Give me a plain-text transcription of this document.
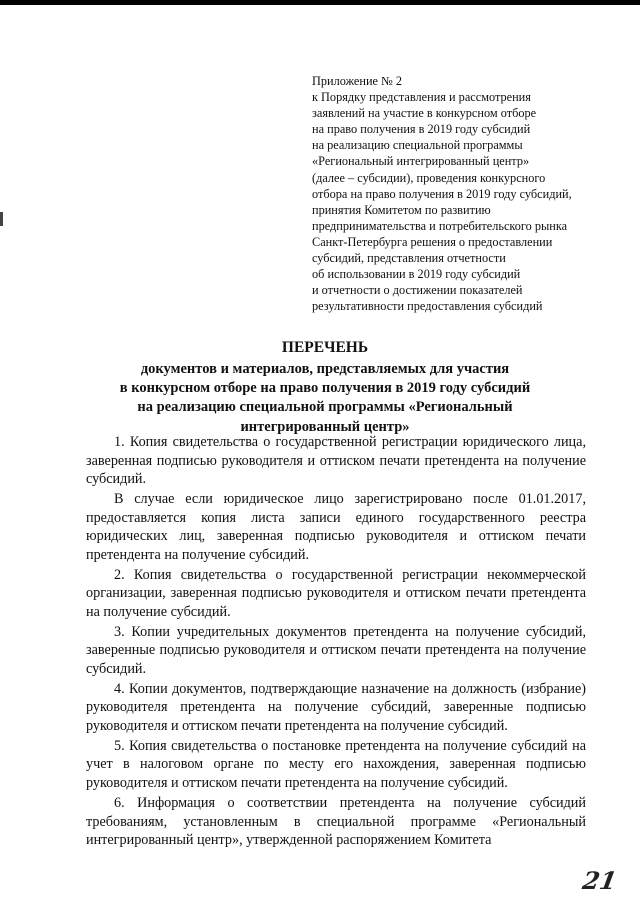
Приложение № 2
к Порядку представления и рассмотрения
заявлений на участие в конкурсном отборе
на право получения в 2019 году субсидий
на реализацию специальной программы
«Региональный интегрированный центр»
(далее – субсидии), проведения конкурсного
отбора на право получения в 2019 году субсидий,
принятия Комитетом по развитию
предпринимательства и потребительского рынка
Санкт-Петербурга решения о предоставлении
субсидий, представления отчетности
об использовании в 2019 году субсидий
и отчетности о достижении показателей
результативности предоставления субсидий
ПЕРЕЧЕНЬ
документов и материалов, представляемых для участия
в конкурсном отборе на право получения в 2019 году субсидий
на реализацию специальной программы «Региональный
интегрированный центр»

1. Копия свидетельства о государственной регистрации юридического лица, заверенная подписью руководителя и оттиском печати претендента на получение субсидий.

В случае если юридическое лицо зарегистрировано после 01.01.2017, предоставляется копия листа записи единого государственного реестра юридических лиц, заверенная подписью руководителя и оттиском печати претендента на получение субсидий.

2. Копия свидетельства о государственной регистрации некоммерческой организации, заверенная подписью руководителя и оттиском печати претендента на получение субсидий.

3. Копии учредительных документов претендента на получение субсидий, заверенные подписью руководителя и оттиском печати претендента на получение субсидий.

4. Копии документов, подтверждающие назначение на должность (избрание) руководителя претендента на получение субсидий, заверенные подписью руководителя и оттиском печати претендента на получение субсидий.

5. Копия свидетельства о постановке претендента на получение субсидий на учет в налоговом органе по месту его нахождения, заверенная подписью руководителя и оттиском печати претендента на получение субсидий.

6. Информация о соответствии претендента на получение субсидий требованиям, установленным в специальной программе «Региональный интегрированный центр», утвержденной распоряжением Комитета

21
